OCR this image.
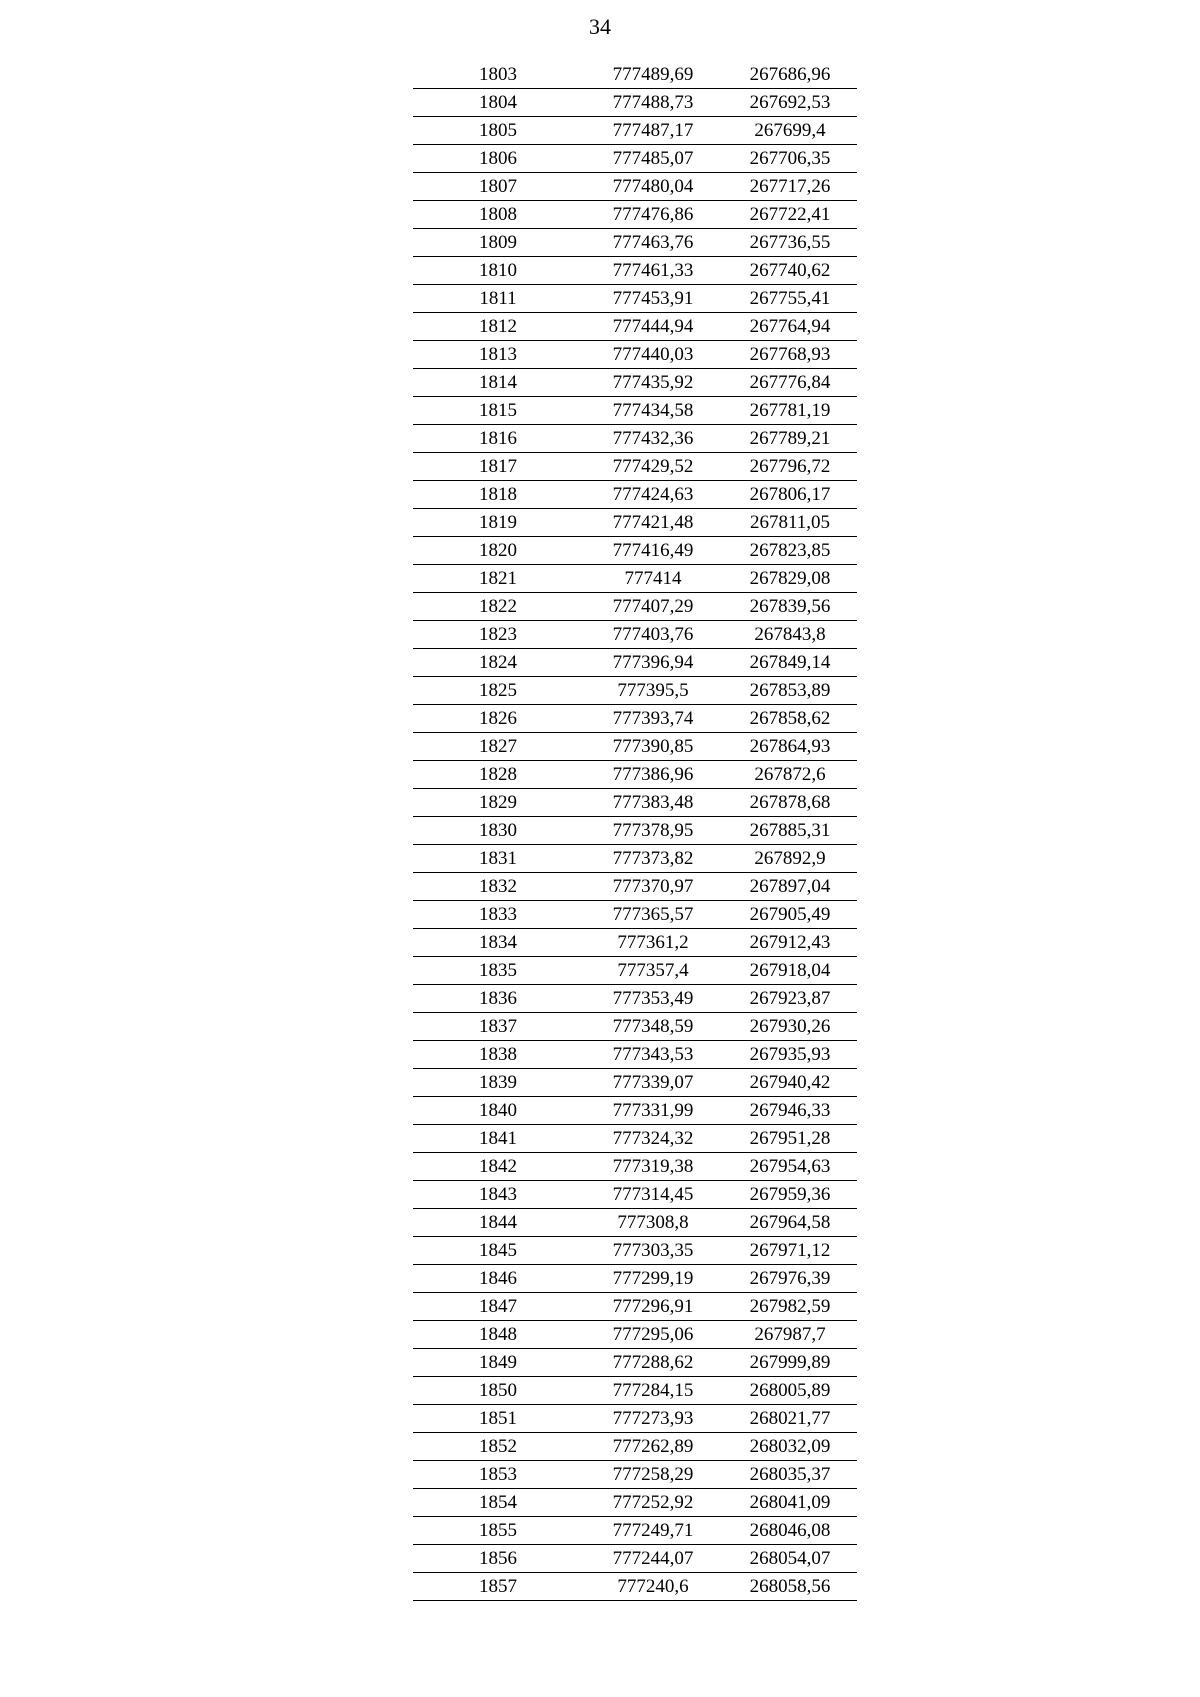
34
1803	777489,69	267686,96
1804	777488,73	267692,53
1805	777487,17	267699,4
1806	777485,07	267706,35
1807	777480,04	267717,26
1808	777476,86	267722,41
1809	777463,76	267736,55
1810	777461,33	267740,62
1811	777453,91	267755,41
1812	777444,94	267764,94
1813	777440,03	267768,93
1814	777435,92	267776,84
1815	777434,58	267781,19
1816	777432,36	267789,21
1817	777429,52	267796,72
1818	777424,63	267806,17
1819	777421,48	267811,05
1820	777416,49	267823,85
1821	777414	267829,08
1822	777407,29	267839,56
1823	777403,76	267843,8
1824	777396,94	267849,14
1825	777395,5	267853,89
1826	777393,74	267858,62
1827	777390,85	267864,93
1828	777386,96	267872,6
1829	777383,48	267878,68
1830	777378,95	267885,31
1831	777373,82	267892,9
1832	777370,97	267897,04
1833	777365,57	267905,49
1834	777361,2	267912,43
1835	777357,4	267918,04
1836	777353,49	267923,87
1837	777348,59	267930,26
1838	777343,53	267935,93
1839	777339,07	267940,42
1840	777331,99	267946,33
1841	777324,32	267951,28
1842	777319,38	267954,63
1843	777314,45	267959,36
1844	777308,8	267964,58
1845	777303,35	267971,12
1846	777299,19	267976,39
1847	777296,91	267982,59
1848	777295,06	267987,7
1849	777288,62	267999,89
1850	777284,15	268005,89
1851	777273,93	268021,77
1852	777262,89	268032,09
1853	777258,29	268035,37
1854	777252,92	268041,09
1855	777249,71	268046,08
1856	777244,07	268054,07
1857	777240,6	268058,56
